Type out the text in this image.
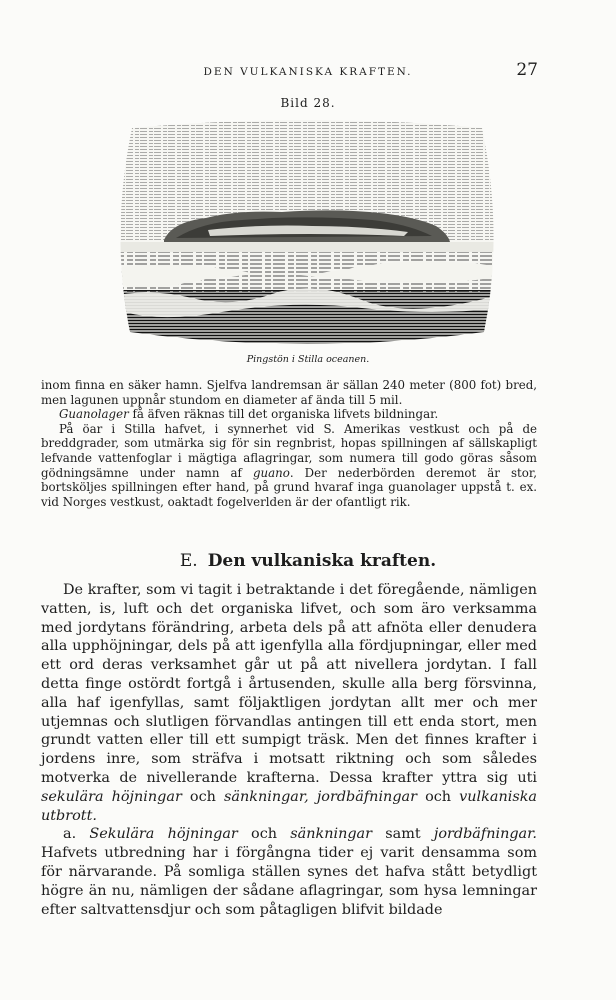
DEN VULKANISKA KRAFTEN.	27
Bild 28.
Pingstön i Stilla oceanen.

inom finna en säker hamn. Sjelfva landremsan är sällan 240 meter (800 fot) bred, men lagunen uppnår stundom en diameter af ända till 5 mil.

Guanolager få äfven räknas till det organiska lifvets bildningar.

På öar i Stilla hafvet, i synnerhet vid S. Amerikas vestkust och på de breddgrader, som utmärka sig för sin regnbrist, hopas spillningen af sällskapligt lefvande vattenfoglar i mägtiga aflagringar, som numera till godo göras såsom gödningsämne under namn af guano. Der nederbörden deremot är stor, bortsköljes spillningen efter hand, på grund hvaraf inga guanolager uppstå t. ex. vid Norges vestkust, oaktadt fogelverlden är der ofantligt rik.

E. Den vulkaniska kraften.

De krafter, som vi tagit i betraktande i det föregående, nämligen vatten, is, luft och det organiska lifvet, och som äro verksamma med jordytans förändring, arbeta dels på att afnöta eller denudera alla upphöjningar, dels på att igenfylla alla fördjupningar, eller med ett ord deras verksamhet går ut på att nivellera jordytan. I fall detta finge ostördt fortgå i årtusenden, skulle alla berg försvinna, alla haf igenfyllas, samt följaktligen jordytan allt mer och mer utjemnas och slutligen förvandlas antingen till ett enda stort, men grundt vatten eller till ett sumpigt träsk. Men det finnes krafter i jordens inre, som sträfva i motsatt riktning och som således motverka de nivellerande krafterna. Dessa krafter yttra sig uti sekulära höjningar och sänkningar, jordbäfningar och vulkaniska utbrott.

a. Sekulära höjningar och sänkningar samt jordbäfningar. Hafvets utbredning har i förgångna tider ej varit densamma som för närvarande. På somliga ställen synes det hafva stått betydligt högre än nu, nämligen der sådane aflagringar, som hysa lemningar efter saltvattensdjur och som påtagligen blifvit bildade
